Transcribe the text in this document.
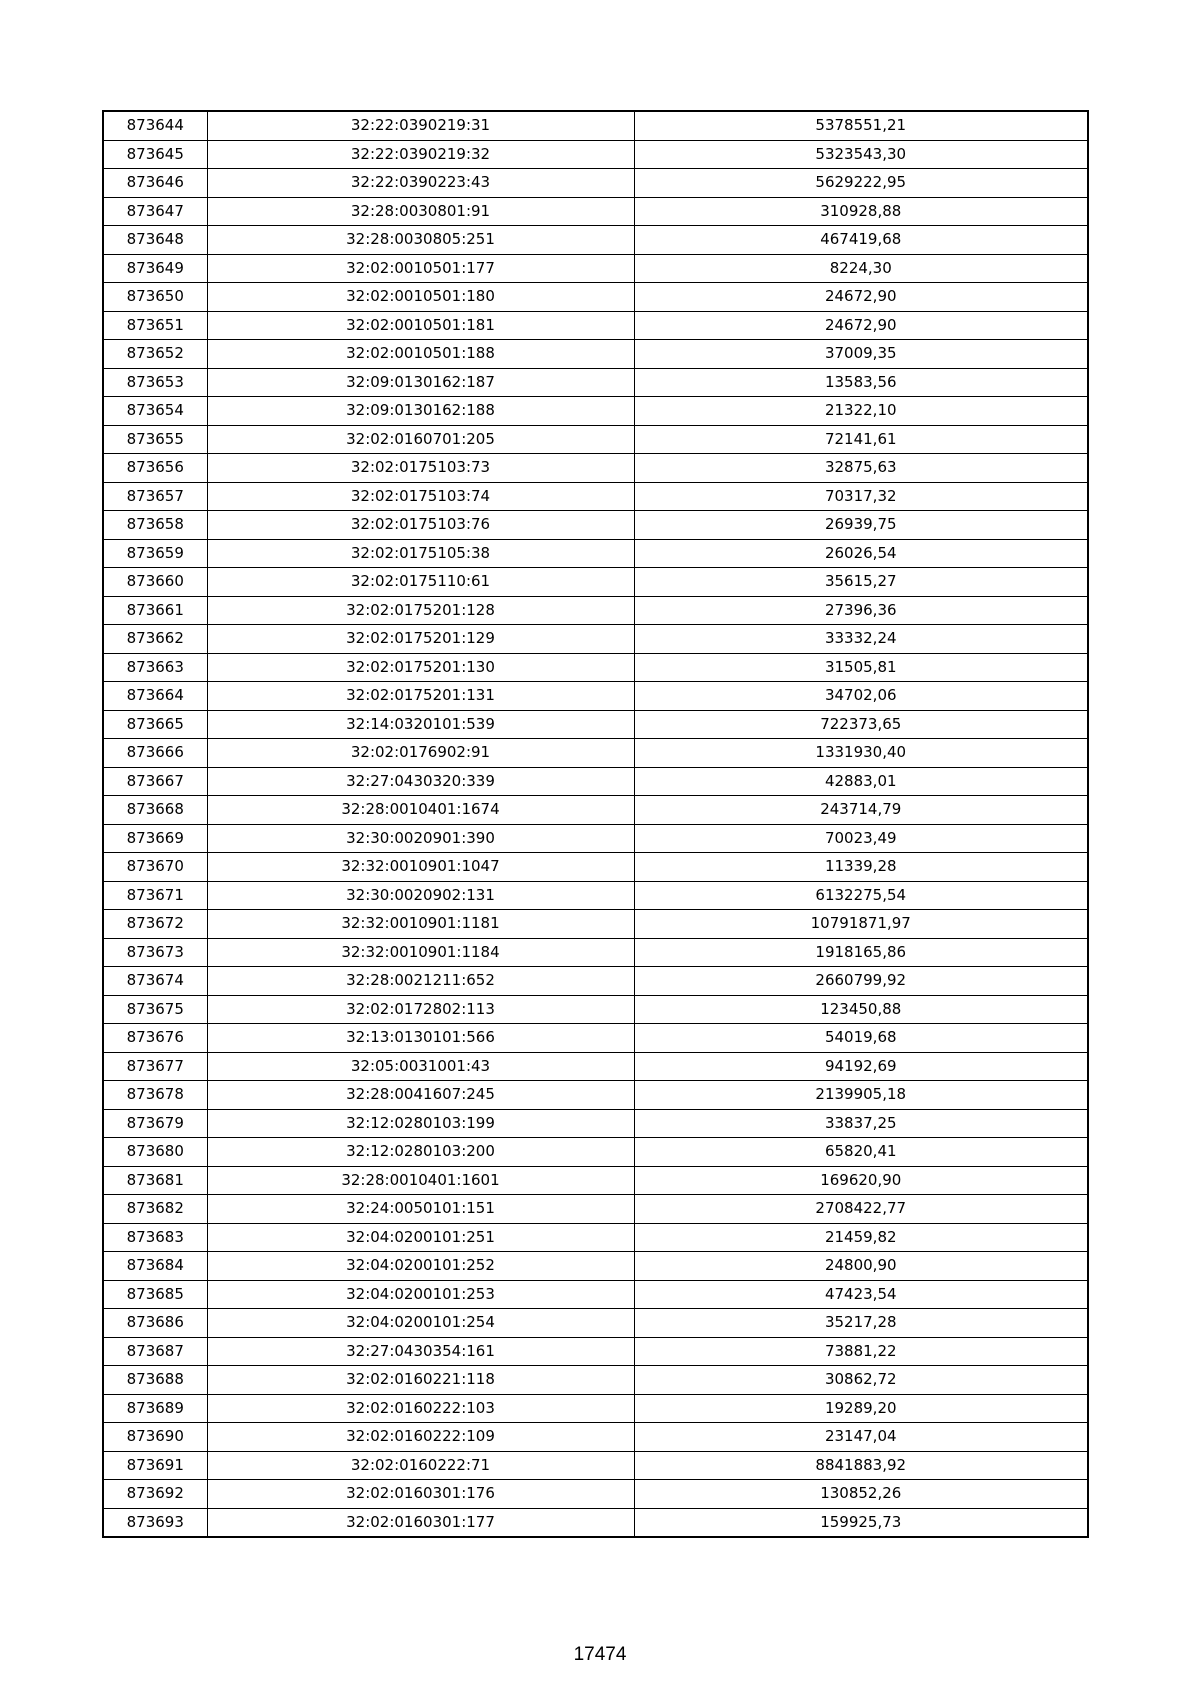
873644	32:22:0390219:31	5378551,21
873645	32:22:0390219:32	5323543,30
873646	32:22:0390223:43	5629222,95
873647	32:28:0030801:91	310928,88
873648	32:28:0030805:251	467419,68
873649	32:02:0010501:177	8224,30
873650	32:02:0010501:180	24672,90
873651	32:02:0010501:181	24672,90
873652	32:02:0010501:188	37009,35
873653	32:09:0130162:187	13583,56
873654	32:09:0130162:188	21322,10
873655	32:02:0160701:205	72141,61
873656	32:02:0175103:73	32875,63
873657	32:02:0175103:74	70317,32
873658	32:02:0175103:76	26939,75
873659	32:02:0175105:38	26026,54
873660	32:02:0175110:61	35615,27
873661	32:02:0175201:128	27396,36
873662	32:02:0175201:129	33332,24
873663	32:02:0175201:130	31505,81
873664	32:02:0175201:131	34702,06
873665	32:14:0320101:539	722373,65
873666	32:02:0176902:91	1331930,40
873667	32:27:0430320:339	42883,01
873668	32:28:0010401:1674	243714,79
873669	32:30:0020901:390	70023,49
873670	32:32:0010901:1047	11339,28
873671	32:30:0020902:131	6132275,54
873672	32:32:0010901:1181	10791871,97
873673	32:32:0010901:1184	1918165,86
873674	32:28:0021211:652	2660799,92
873675	32:02:0172802:113	123450,88
873676	32:13:0130101:566	54019,68
873677	32:05:0031001:43	94192,69
873678	32:28:0041607:245	2139905,18
873679	32:12:0280103:199	33837,25
873680	32:12:0280103:200	65820,41
873681	32:28:0010401:1601	169620,90
873682	32:24:0050101:151	2708422,77
873683	32:04:0200101:251	21459,82
873684	32:04:0200101:252	24800,90
873685	32:04:0200101:253	47423,54
873686	32:04:0200101:254	35217,28
873687	32:27:0430354:161	73881,22
873688	32:02:0160221:118	30862,72
873689	32:02:0160222:103	19289,20
873690	32:02:0160222:109	23147,04
873691	32:02:0160222:71	8841883,92
873692	32:02:0160301:176	130852,26
873693	32:02:0160301:177	159925,73
17474
